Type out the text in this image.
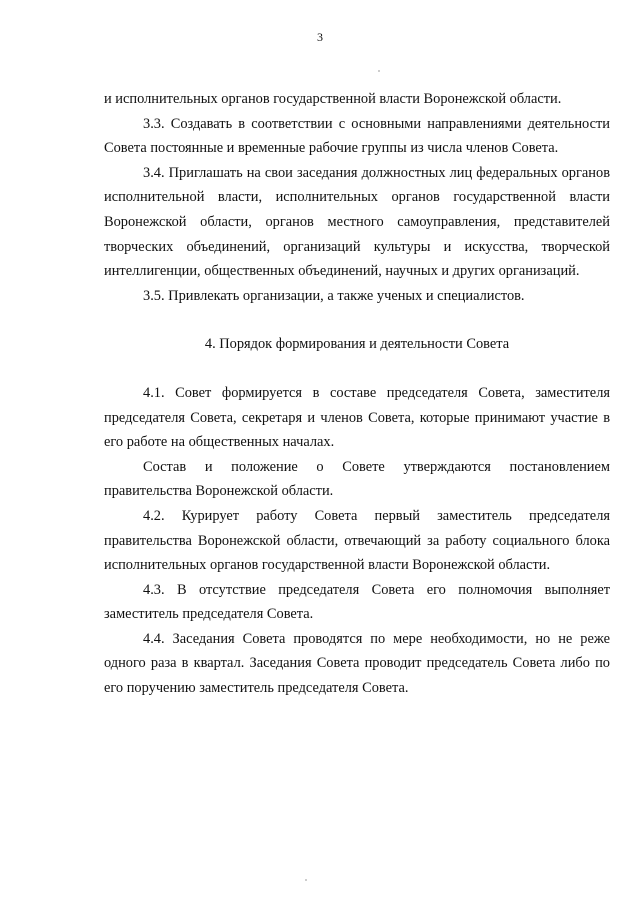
3

и исполнительных органов государственной власти Воронежской области.

3.3. Создавать в соответствии с основными направлениями деятельности Совета постоянные и временные рабочие группы из числа членов Совета.

3.4. Приглашать на свои заседания должностных лиц федеральных органов исполнительной власти, исполнительных органов государственной власти Воронежской области, органов местного самоуправления, представителей творческих объединений, организаций культуры и искусства, творческой интеллигенции, общественных объединений, научных и других организаций.

3.5. Привлекать организации, а также ученых и специалистов.

4. Порядок формирования и деятельности Совета

4.1. Совет формируется в составе председателя Совета, заместителя председателя Совета, секретаря и членов Совета, которые принимают участие в его работе на общественных началах.

Состав и положение о Совете утверждаются постановлением правительства Воронежской области.

4.2. Курирует работу Совета первый заместитель председателя правительства Воронежской области, отвечающий за работу социального блока исполнительных органов государственной власти Воронежской области.

4.3. В отсутствие председателя Совета его полномочия выполняет заместитель председателя Совета.

4.4. Заседания Совета проводятся по мере необходимости, но не реже одного раза в квартал. Заседания Совета проводит председатель Совета либо по его поручению заместитель председателя Совета.
